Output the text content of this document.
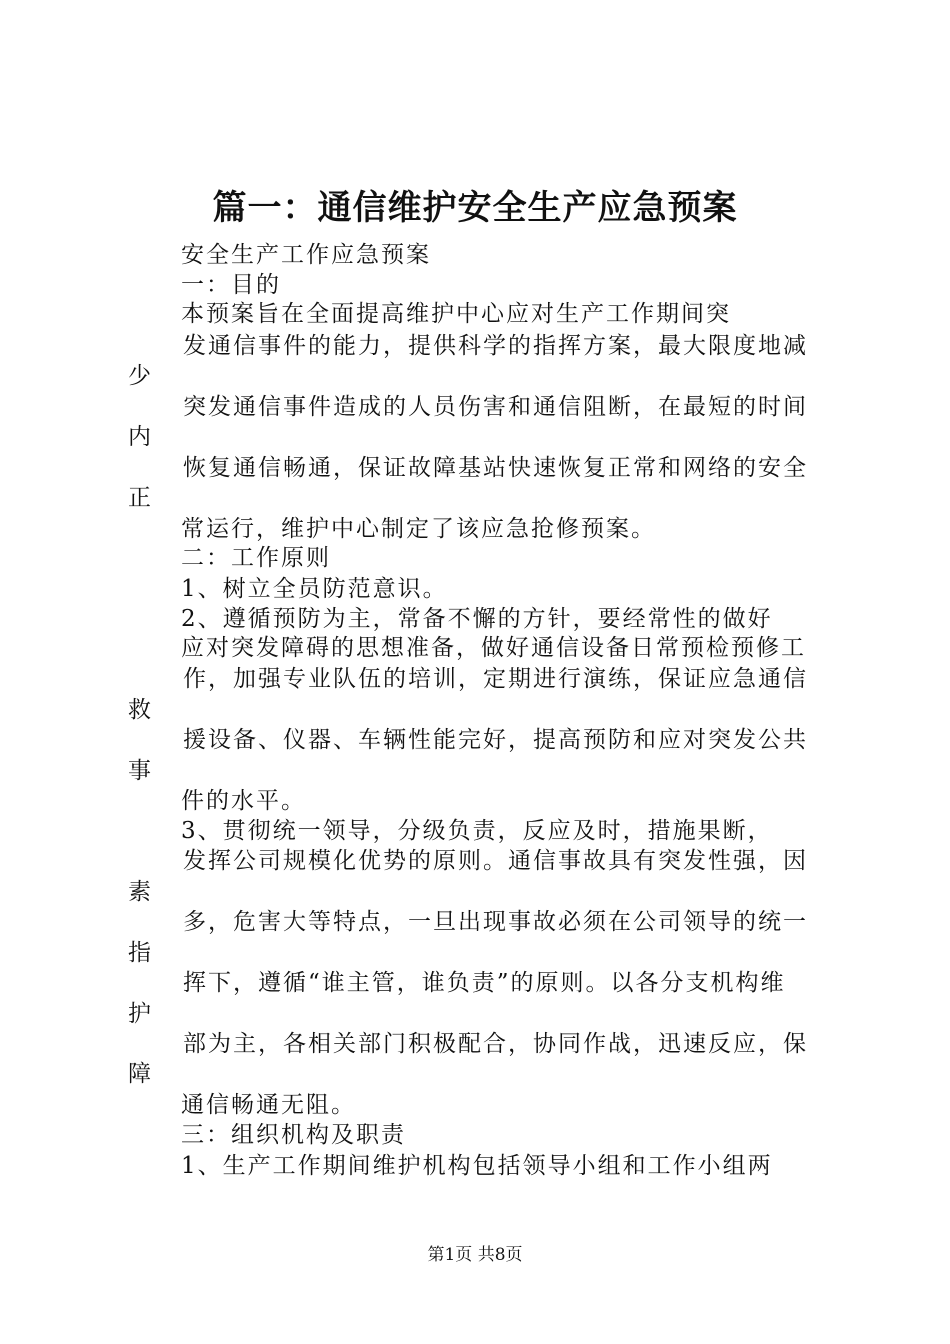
篇一：通信维护安全生产应急预案
安全生产工作应急预案
一：目的
本预案旨在全面提高维护中心应对生产工作期间突
发通信事件的能力，提供科学的指挥方案，最大限度地减
少
突发通信事件造成的人员伤害和通信阻断，在最短的时间
内
恢复通信畅通，保证故障基站快速恢复正常和网络的安全
正
常运行，维护中心制定了该应急抢修预案。
二：工作原则
1、树立全员防范意识。
2、遵循预防为主，常备不懈的方针，要经常性的做好
应对突发障碍的思想准备，做好通信设备日常预检预修工
作，加强专业队伍的培训，定期进行演练，保证应急通信
救
援设备、仪器、车辆性能完好，提高预防和应对突发公共
事
件的水平。
3、贯彻统一领导，分级负责，反应及时，措施果断，
发挥公司规模化优势的原则。通信事故具有突发性强，因
素
多，危害大等特点，一旦出现事故必须在公司领导的统一
指
挥下，遵循“谁主管，谁负责”的原则。以各分支机构维
护
部为主，各相关部门积极配合，协同作战，迅速反应，保
障
通信畅通无阻。
三：组织机构及职责
1、生产工作期间维护机构包括领导小组和工作小组两
第1页 共8页
